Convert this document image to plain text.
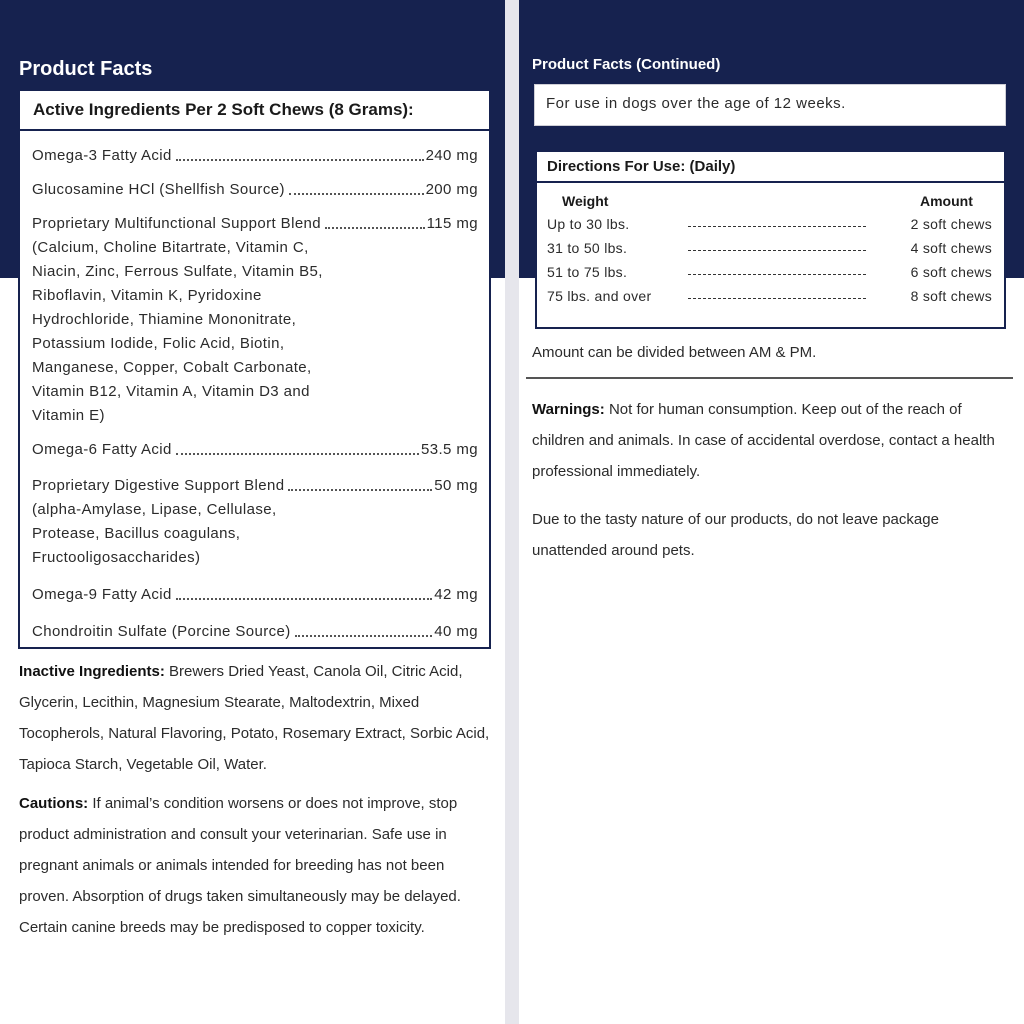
Product Facts	Product Facts (Continued)
Active Ingredients Per 2 Soft Chews (8 Grams):
Omega-3 Fatty Acid	240 mg
Glucosamine HCl (Shellfish Source)	200 mg
Proprietary Multifunctional Support Blend	115 mg
(Calcium, Choline Bitartrate, Vitamin C, Niacin, Zinc, Ferrous Sulfate, Vitamin B5, Riboflavin, Vitamin K, Pyridoxine Hydrochloride, Thiamine Mononitrate, Potassium Iodide, Folic Acid, Biotin, Manganese, Copper, Cobalt Carbonate, Vitamin B12, Vitamin A, Vitamin D3 and Vitamin E)
Omega-6 Fatty Acid	53.5 mg
Proprietary Digestive Support Blend	50 mg
(alpha-Amylase, Lipase, Cellulase, Protease, Bacillus coagulans, Fructooligosaccharides)
Omega-9 Fatty Acid	42 mg
Chondroitin Sulfate (Porcine Source)	40 mg
Inactive Ingredients: Brewers Dried Yeast, Canola Oil, Citric Acid, Glycerin, Lecithin, Magnesium Stearate, Maltodextrin, Mixed Tocopherols, Natural Flavoring, Potato, Rosemary Extract, Sorbic Acid, Tapioca Starch, Vegetable Oil, Water.
Cautions: If animal’s condition worsens or does not improve, stop product administration and consult your veterinarian. Safe use in pregnant animals or animals intended for breeding has not been proven. Absorption of drugs taken simultaneously may be delayed. Certain canine breeds may be predisposed to copper toxicity.
For use in dogs over the age of 12 weeks.
Directions For Use: (Daily)
Weight	Amount
Up to 30 lbs.	2 soft chews
31 to 50 lbs.	4 soft chews
51 to 75 lbs.	6 soft chews
75 lbs. and over	8 soft chews
Amount can be divided between AM & PM.
Warnings: Not for human consumption. Keep out of the reach of children and animals. In case of accidental overdose, contact a health professional immediately.
Due to the tasty nature of our products, do not leave package unattended around pets.
